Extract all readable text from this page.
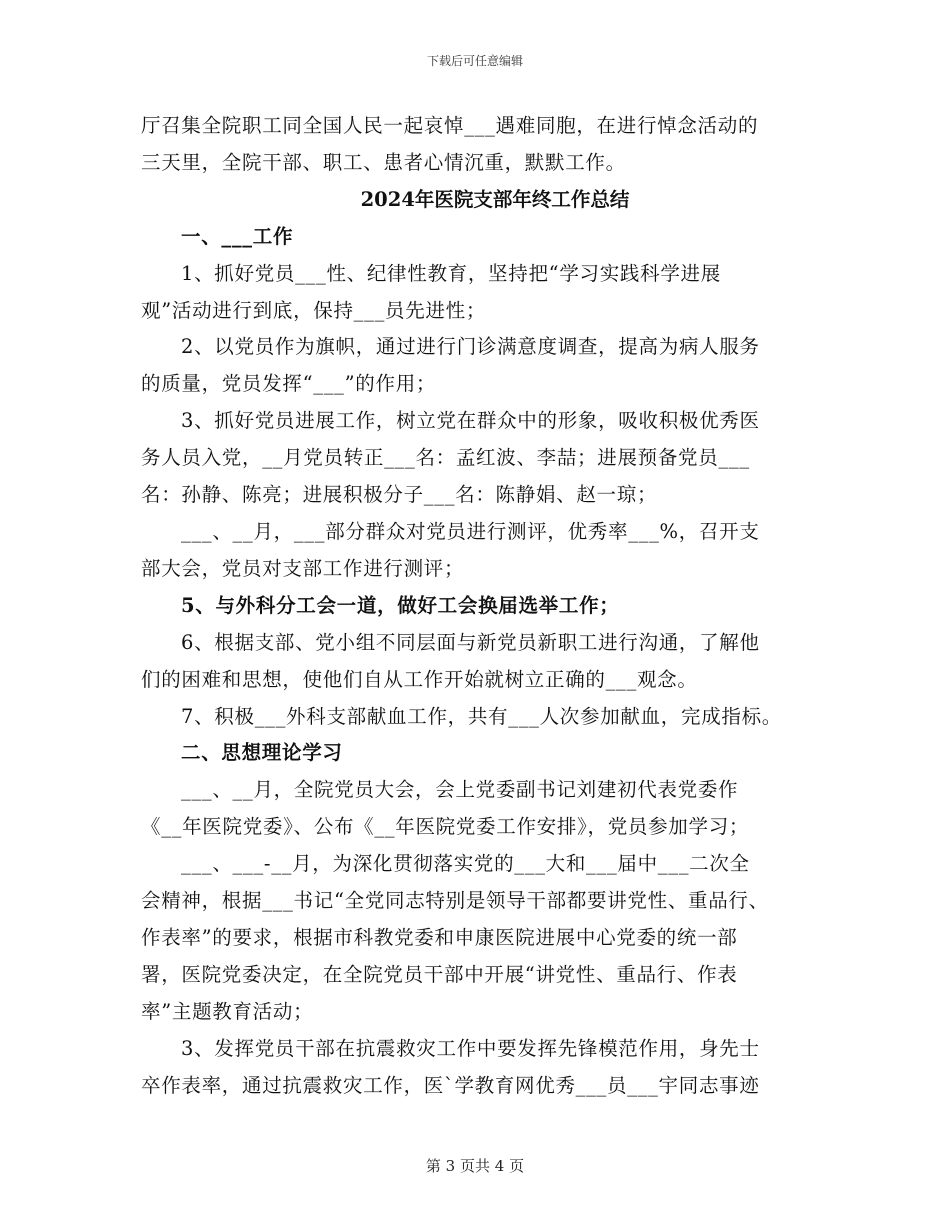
下载后可任意编辑

厅召集全院职工同全国人民一起哀悼___遇难同胞，在进行悼念活动的

三天里，全院干部、职工、患者心情沉重，默默工作。

2024年医院支部年终工作总结

一、___工作

1、抓好党员___性、纪律性教育，坚持把“学习实践科学进展

观”活动进行到底，保持___员先进性；

2、以党员作为旗帜，通过进行门诊满意度调查，提高为病人服务

的质量，党员发挥“___”的作用；

3、抓好党员进展工作，树立党在群众中的形象，吸收积极优秀医

务人员入党，__月党员转正___名：孟红波、李喆；进展预备党员___

名：孙静、陈亮；进展积极分子___名：陈静娟、赵一琼；

___、__月，___部分群众对党员进行测评，优秀率___%，召开支

部大会，党员对支部工作进行测评；

5、与外科分工会一道，做好工会换届选举工作；

6、根据支部、党小组不同层面与新党员新职工进行沟通，了解他

们的困难和思想，使他们自从工作开始就树立正确的___观念。

7、积极___外科支部献血工作，共有___人次参加献血，完成指标。

二、思想理论学习

___、__月，全院党员大会，会上党委副书记刘建初代表党委作

《__年医院党委》、公布《__年医院党委工作安排》，党员参加学习；

___、___-__月，为深化贯彻落实党的___大和___届中___二次全

会精神，根据___书记“全党同志特别是领导干部都要讲党性、重品行、

作表率”的要求，根据市科教党委和申康医院进展中心党委的统一部

署，医院党委决定，在全院党员干部中开展“讲党性、重品行、作表

率”主题教育活动；

3、发挥党员干部在抗震救灾工作中要发挥先锋模范作用，身先士

卒作表率，通过抗震救灾工作，医`学教育网优秀___员___宇同志事迹

第 3 页共 4 页
